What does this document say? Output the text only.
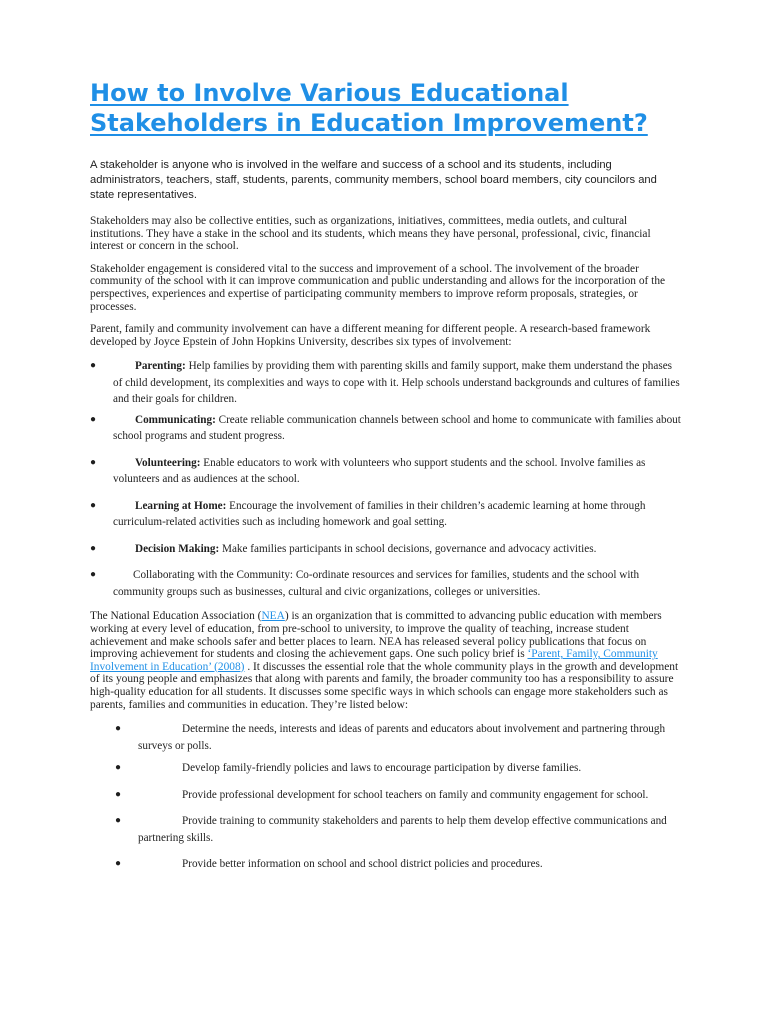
How to Involve Various Educational Stakeholders in Education Improvement?

A stakeholder is anyone who is involved in the welfare and success of a school and its students, including administrators, teachers, staff, students, parents, community members, school board members, city councilors and state representatives.

Stakeholders may also be collective entities, such as organizations, initiatives, committees, media outlets, and cultural institutions. They have a stake in the school and its students, which means they have personal, professional, civic, financial interest or concern in the school.

Stakeholder engagement is considered vital to the success and improvement of a school. The involvement of the broader community of the school with it can improve communication and public understanding and allows for the incorporation of the perspectives, experiences and expertise of participating community members to improve reform proposals, strategies, or processes.

Parent, family and community involvement can have a different meaning for different people. A research-based framework developed by Joyce Epstein of John Hopkins University, describes six types of involvement:

●	Parenting: Help families by providing them with parenting skills and family support, make them understand the phases of child development, its complexities and ways to cope with it. Help schools understand backgrounds and cultures of families and their goals for children.
●	Communicating: Create reliable communication channels between school and home to communicate with families about school programs and student progress.
●	Volunteering: Enable educators to work with volunteers who support students and the school. Involve families as volunteers and as audiences at the school.
●	Learning at Home: Encourage the involvement of families in their children’s academic learning at home through curriculum-related activities such as including homework and goal setting.
●	Decision Making: Make families participants in school decisions, governance and advocacy activities.
●	Collaborating with the Community: Co-ordinate resources and services for families, students and the school with community groups such as businesses, cultural and civic organizations, colleges or universities.

The National Education Association (NEA) is an organization that is committed to advancing public education with members working at every level of education, from pre-school to university, to improve the quality of teaching, increase student achievement and make schools safer and better places to learn. NEA has released several policy publications that focus on improving achievement for students and closing the achievement gaps. One such policy brief is ‘Parent, Family, Community Involvement in Education’ (2008) . It discusses the essential role that the whole community plays in the growth and development of its young people and emphasizes that along with parents and family, the broader community too has a responsibility to assure high-quality education for all students. It discusses some specific ways in which schools can engage more stakeholders such as parents, families and communities in education. They’re listed below:

●	Determine the needs, interests and ideas of parents and educators about involvement and partnering through surveys or polls.
●	Develop family-friendly policies and laws to encourage participation by diverse families.
●	Provide professional development for school teachers on family and community engagement for school.
●	Provide training to community stakeholders and parents to help them develop effective communications and partnering skills.
●	Provide better information on school and school district policies and procedures.
